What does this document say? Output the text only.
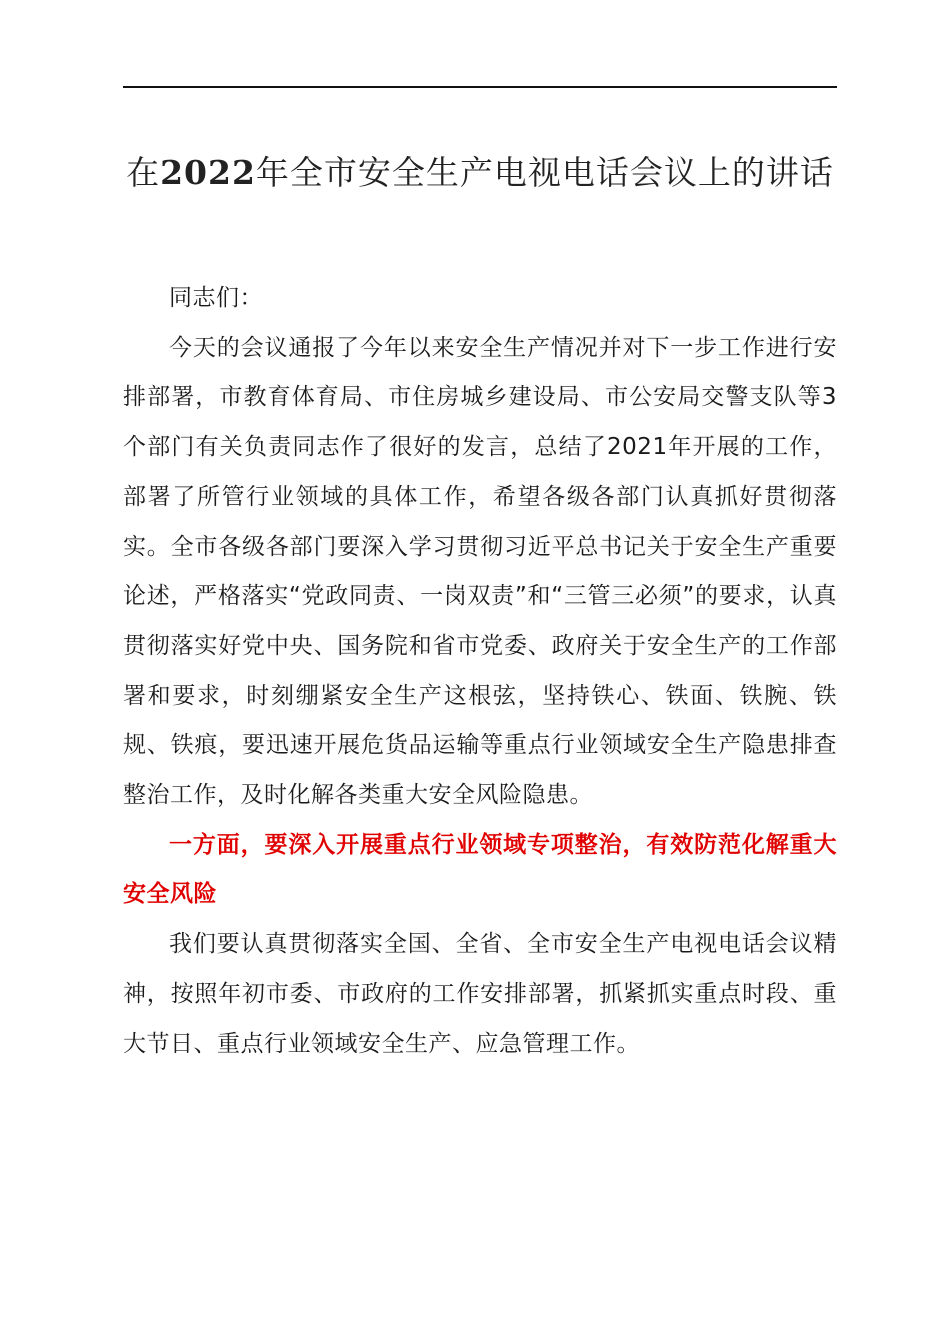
在2022年全市安全生产电视电话会议上的讲话

同志们：

今天的会议通报了今年以来安全生产情况并对下一步工作进行安排部署，市教育体育局、市住房城乡建设局、市公安局交警支队等3个部门有关负责同志作了很好的发言，总结了2021年开展的工作，部署了所管行业领域的具体工作，希望各级各部门认真抓好贯彻落实。全市各级各部门要深入学习贯彻习近平总书记关于安全生产重要论述，严格落实“党政同责、一岗双责”和“三管三必须”的要求，认真贯彻落实好党中央、国务院和省市党委、政府关于安全生产的工作部署和要求，时刻绷紧安全生产这根弦，坚持铁心、铁面、铁腕、铁规、铁痕，要迅速开展危货品运输等重点行业领域安全生产隐患排查整治工作，及时化解各类重大安全风险隐患。

一方面，要深入开展重点行业领域专项整治，有效防范化解重大安全风险

我们要认真贯彻落实全国、全省、全市安全生产电视电话会议精神，按照年初市委、市政府的工作安排部署，抓紧抓实重点时段、重大节日、重点行业领域安全生产、应急管理工作。
